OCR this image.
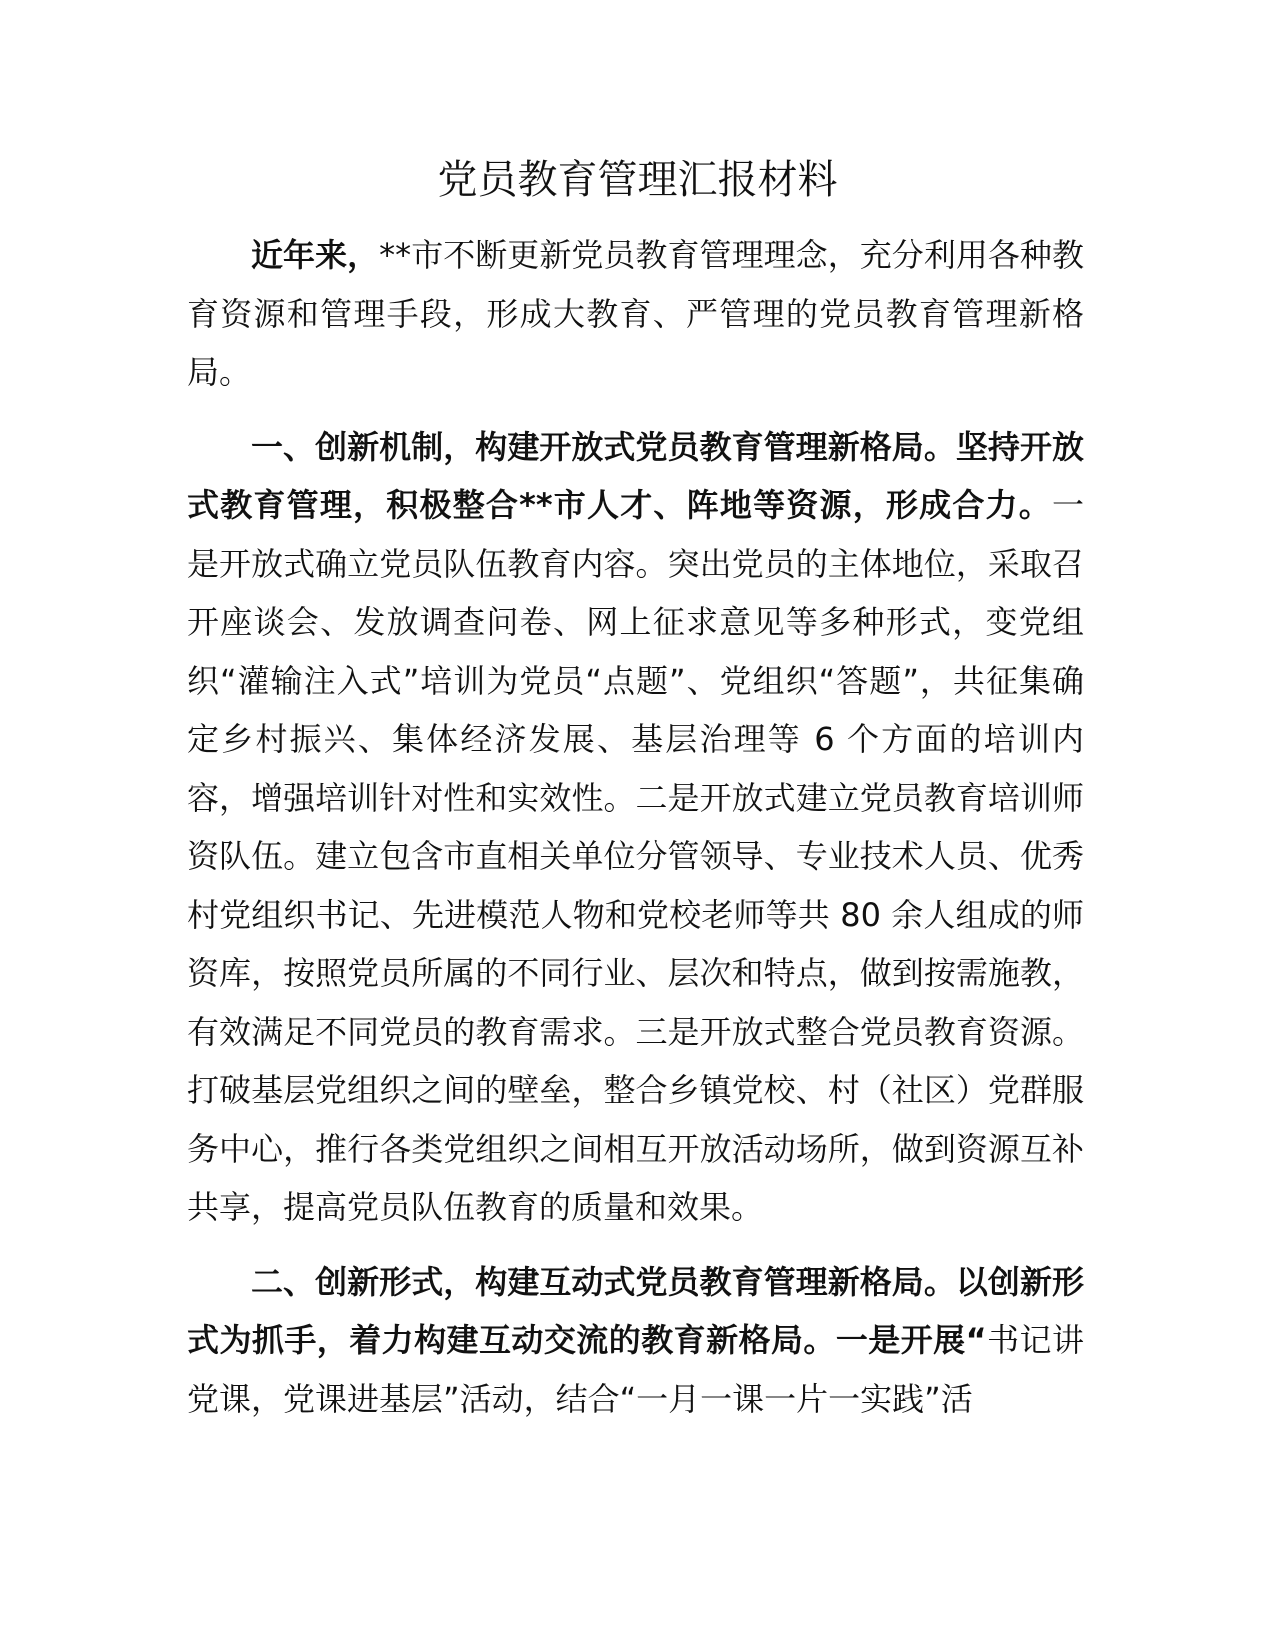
党员教育管理汇报材料

近年来，**市不断更新党员教育管理理念，充分利用各种教育资源和管理手段，形成大教育、严管理的党员教育管理新格局。

一、创新机制，构建开放式党员教育管理新格局。坚持开放式教育管理，积极整合**市人才、阵地等资源，形成合力。一是开放式确立党员队伍教育内容。突出党员的主体地位，采取召开座谈会、发放调查问卷、网上征求意见等多种形式，变党组织“灌输注入式”培训为党员“点题”、党组织“答题”，共征集确定乡村振兴、集体经济发展、基层治理等 6 个方面的培训内容，增强培训针对性和实效性。二是开放式建立党员教育培训师资队伍。建立包含市直相关单位分管领导、专业技术人员、优秀村党组织书记、先进模范人物和党校老师等共 80 余人组成的师资库，按照党员所属的不同行业、层次和特点，做到按需施教，有效满足不同党员的教育需求。三是开放式整合党员教育资源。打破基层党组织之间的壁垒，整合乡镇党校、村（社区）党群服务中心，推行各类党组织之间相互开放活动场所，做到资源互补共享，提高党员队伍教育的质量和效果。

二、创新形式，构建互动式党员教育管理新格局。以创新形式为抓手，着力构建互动交流的教育新格局。一是开展“书记讲党课，党课进基层”活动，结合“一月一课一片一实践”活
